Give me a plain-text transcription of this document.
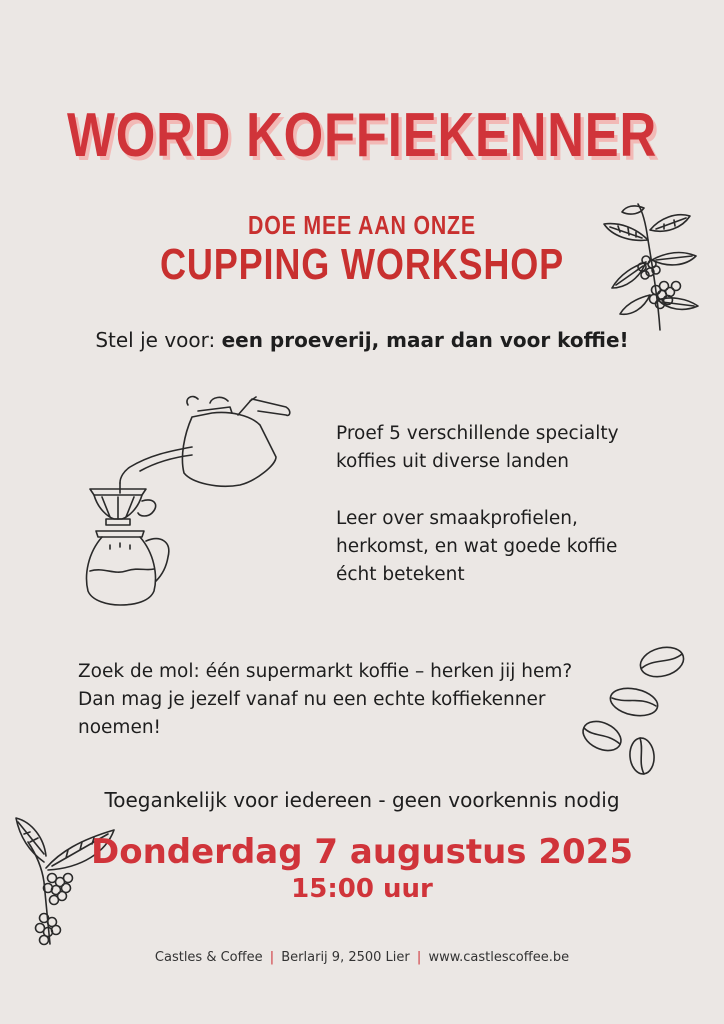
WORD KOFFIEKENNER
DOE MEE AAN ONZE
CUPPING WORKSHOP
Stel je voor: een proeverij, maar dan voor koffie!
Proef 5 verschillende specialty
koffies uit diverse landen
Leer over smaakprofielen,
herkomst, en wat goede koffie
écht betekent
Zoek de mol: één supermarkt koffie – herken jij hem?
Dan mag je jezelf vanaf nu een echte koffiekenner
noemen!
Toegankelijk voor iedereen - geen voorkennis nodig
Donderdag 7 augustus 2025
15:00 uur
Castles & Coffee | Berlarij 9, 2500 Lier | www.castlescoffee.be
